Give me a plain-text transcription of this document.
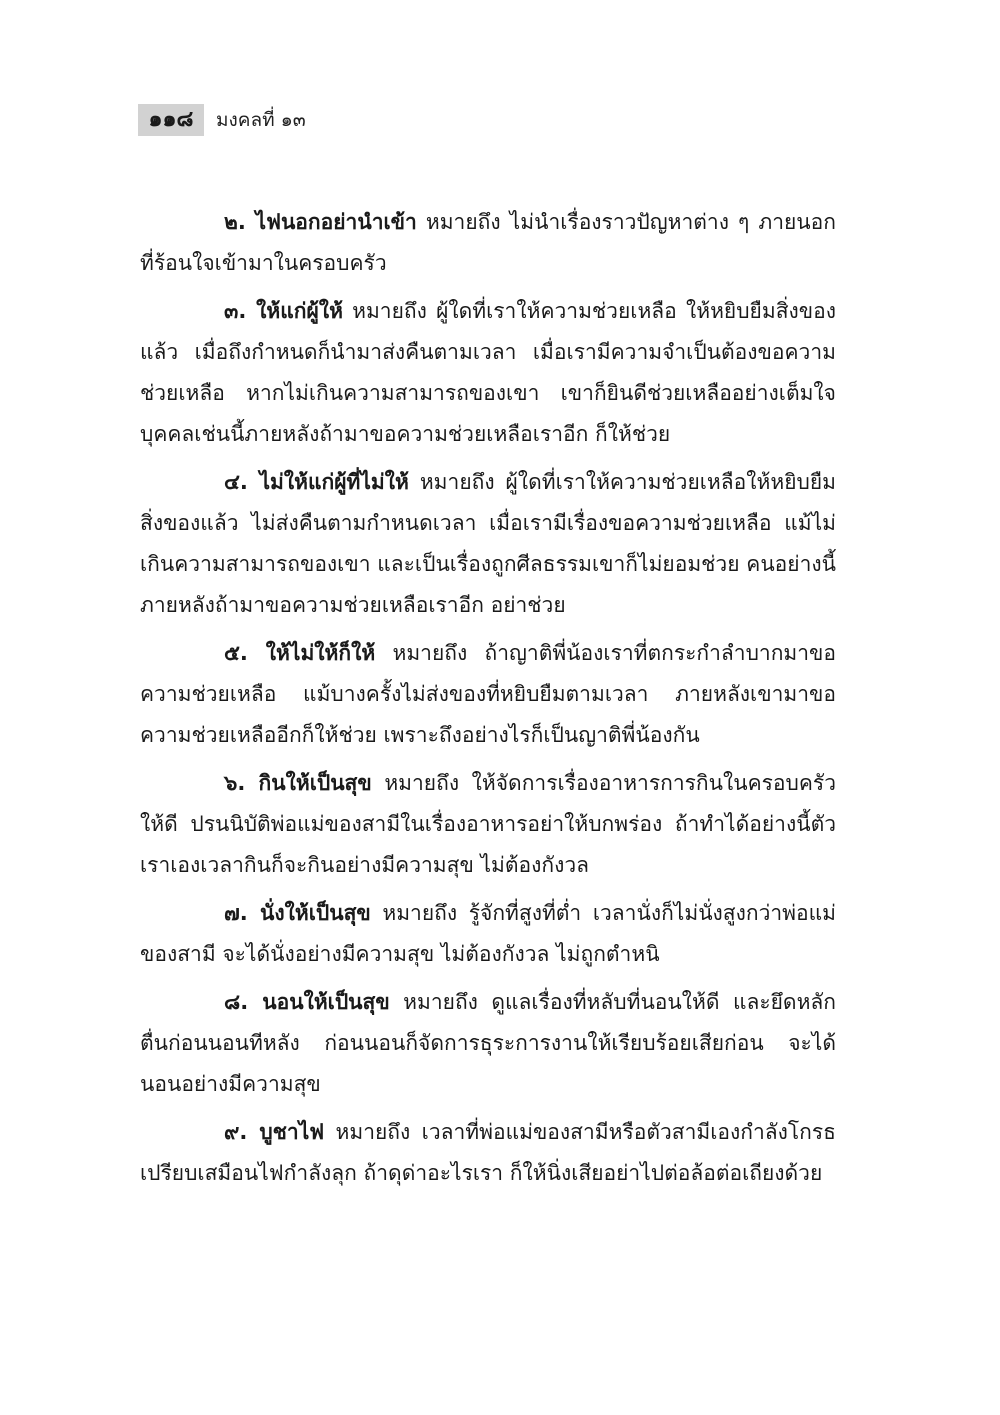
๑๑๘	มงคลที่ ๑๓

๒. ไฟนอกอย่านำเข้า หมายถึง ไม่นำเรื่องราวปัญหาต่าง ๆ ภายนอกที่ร้อนใจเข้ามาในครอบครัว

๓. ให้แก่ผู้ให้ หมายถึง ผู้ใดที่เราให้ความช่วยเหลือ ให้หยิบยืมสิ่งของแล้ว เมื่อถึงกำหนดก็นำมาส่งคืนตามเวลา เมื่อเรามีความจำเป็นต้องขอความช่วยเหลือ หากไม่เกินความสามารถของเขา เขาก็ยินดีช่วยเหลืออย่างเต็มใจ บุคคลเช่นนี้ภายหลังถ้ามาขอความช่วยเหลือเราอีก ก็ให้ช่วย

๔. ไม่ให้แก่ผู้ที่ไม่ให้ หมายถึง ผู้ใดที่เราให้ความช่วยเหลือให้หยิบยืมสิ่งของแล้ว ไม่ส่งคืนตามกำหนดเวลา เมื่อเรามีเรื่องขอความช่วยเหลือ แม้ไม่เกินความสามารถของเขา และเป็นเรื่องถูกศีลธรรมเขาก็ไม่ยอมช่วย คนอย่างนี้ภายหลังถ้ามาขอความช่วยเหลือเราอีก อย่าช่วย

๕. ให้ไม่ให้ก็ให้ หมายถึง ถ้าญาติพี่น้องเราที่ตกระกำลำบากมาขอความช่วยเหลือ แม้บางครั้งไม่ส่งของที่หยิบยืมตามเวลา ภายหลังเขามาขอความช่วยเหลืออีกก็ให้ช่วย เพราะถึงอย่างไรก็เป็นญาติพี่น้องกัน

๖. กินให้เป็นสุข หมายถึง ให้จัดการเรื่องอาหารการกินในครอบครัวให้ดี ปรนนิบัติพ่อแม่ของสามีในเรื่องอาหารอย่าให้บกพร่อง ถ้าทำได้อย่างนี้ตัวเราเองเวลากินก็จะกินอย่างมีความสุข ไม่ต้องกังวล

๗. นั่งให้เป็นสุข หมายถึง รู้จักที่สูงที่ต่ำ เวลานั่งก็ไม่นั่งสูงกว่าพ่อแม่ของสามี จะได้นั่งอย่างมีความสุข ไม่ต้องกังวล ไม่ถูกตำหนิ

๘. นอนให้เป็นสุข หมายถึง ดูแลเรื่องที่หลับที่นอนให้ดี และยึดหลักตื่นก่อนนอนทีหลัง ก่อนนอนก็จัดการธุระการงานให้เรียบร้อยเสียก่อน จะได้นอนอย่างมีความสุข

๙. บูชาไฟ หมายถึง เวลาที่พ่อแม่ของสามีหรือตัวสามีเองกำลังโกรธเปรียบเสมือนไฟกำลังลุก ถ้าดุด่าอะไรเรา ก็ให้นิ่งเสียอย่าไปต่อล้อต่อเถียงด้วย
